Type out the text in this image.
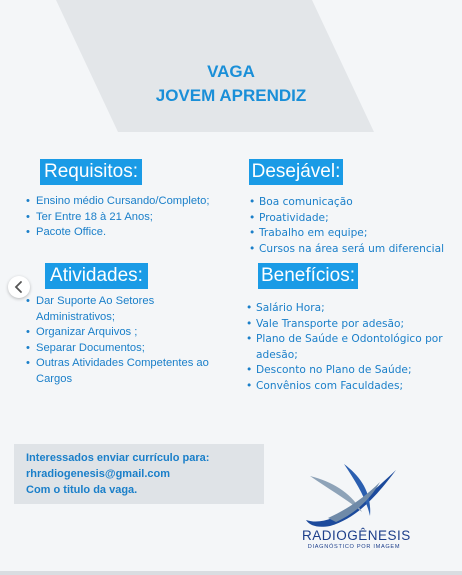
VAGA
JOVEM APRENDIZ
Requisitos:
• Ensino médio Cursando/Completo;
• Ter Entre 18 à 21 Anos;
• Pacote Office.
Desejável:
• Boa comunicação
• Proatividade;
• Trabalho em equipe;
• Cursos na área será um diferencial
Atividades:
• Dar Suporte Ao Setores
Administrativos;
• Organizar Arquivos ;
• Separar Documentos;
• Outras Atividades Competentes ao
Cargos
Benefícios:
• Salário Hora;
• Vale Transporte por adesão;
• Plano de Saúde e Odontológico por
adesão;
• Desconto no Plano de Saúde;
• Convênios com Faculdades;

Interessados enviar currículo para:

rhradiogenesis@gmail.com

Com o titulo da vaga.

RADIOGÊNESIS
DIAGNÓSTICO POR IMAGEM
